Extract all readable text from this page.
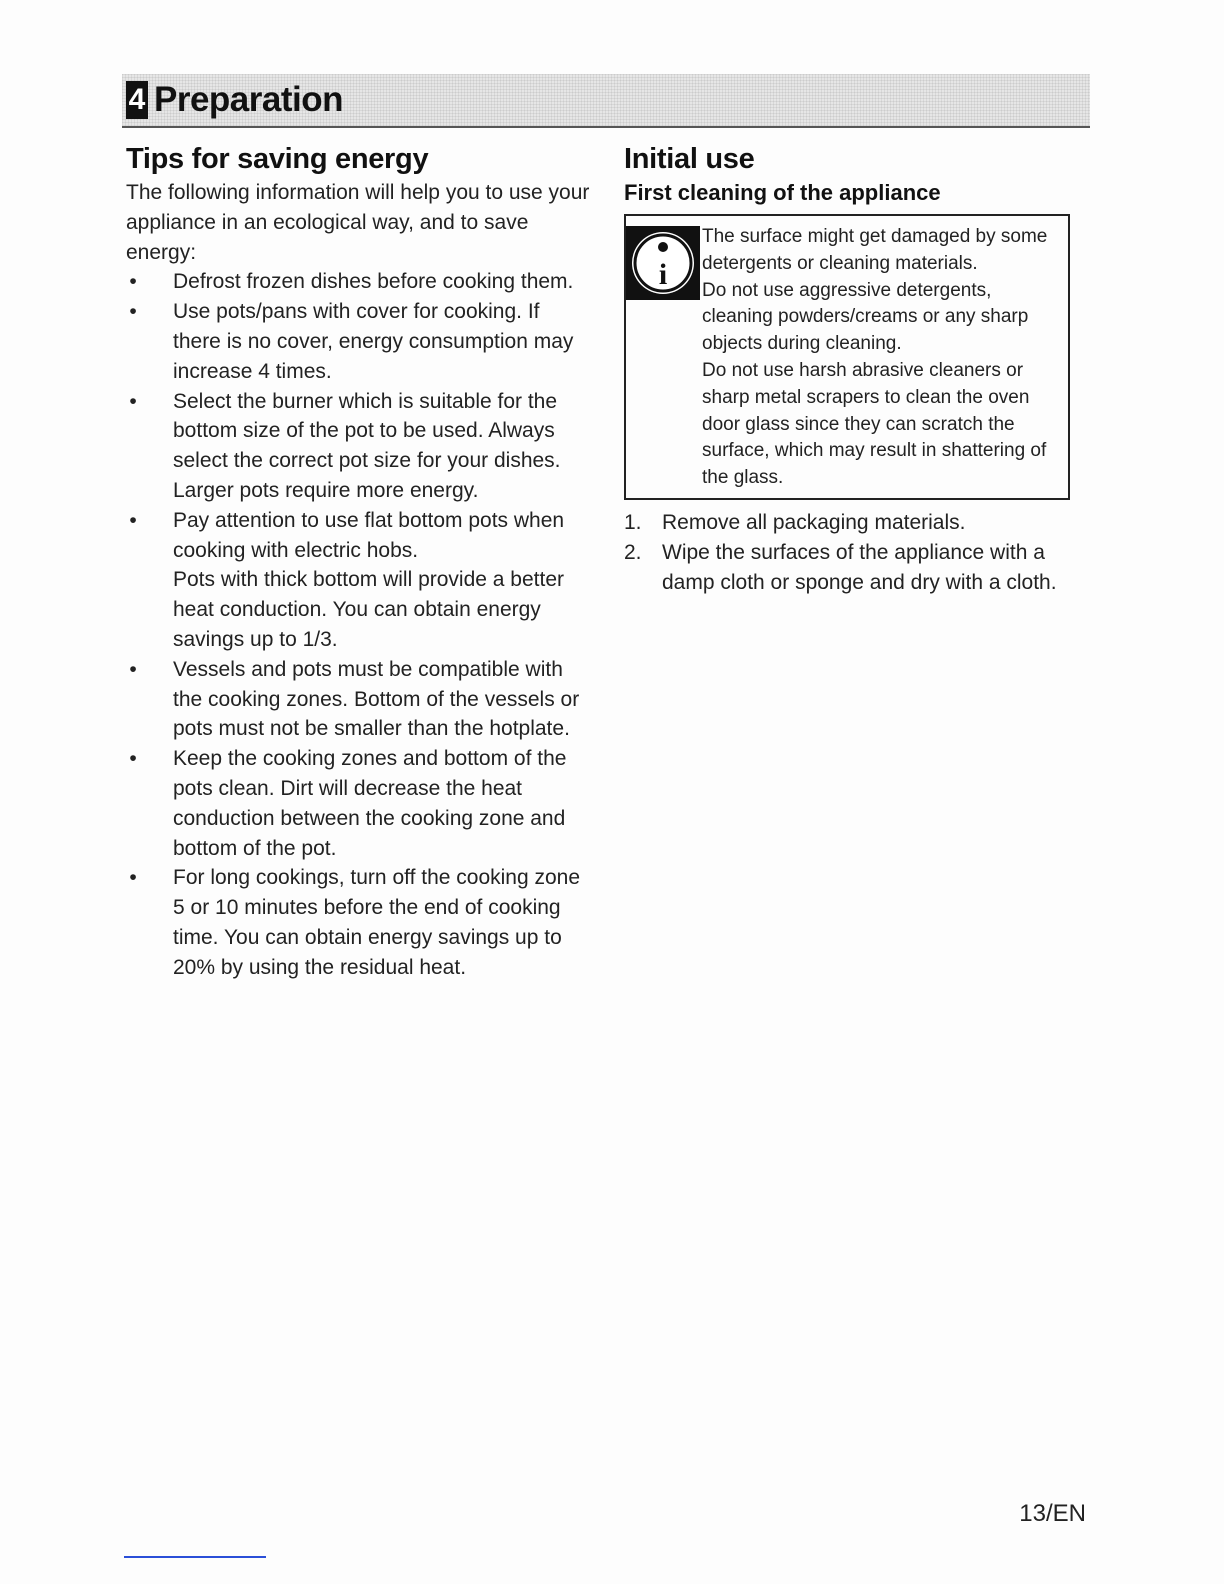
4 Preparation
Tips for saving energy

The following information will help you to use your appliance in an ecological way, and to save energy:

• Defrost frozen dishes before cooking them.
• Use pots/pans with cover for cooking. If there is no cover, energy consumption may increase 4 times.
• Select the burner which is suitable for the bottom size of the pot to be used. Always select the correct pot size for your dishes. Larger pots require more energy.
• Pay attention to use flat bottom pots when cooking with electric hobs.
Pots with thick bottom will provide a better heat conduction. You can obtain energy savings up to 1/3.
• Vessels and pots must be compatible with the cooking zones. Bottom of the vessels or pots must not be smaller than the hotplate.
• Keep the cooking zones and bottom of the pots clean. Dirt will decrease the heat conduction between the cooking zone and bottom of the pot.
• For long cookings, turn off the cooking zone 5 or 10 minutes before the end of cooking time. You can obtain energy savings up to 20% by using the residual heat.
Initial use
First cleaning of the appliance
i

The surface might get damaged by some detergents or cleaning materials.

Do not use aggressive detergents, cleaning powders/creams or any sharp objects during cleaning.

Do not use harsh abrasive cleaners or sharp metal scrapers to clean the oven door glass since they can scratch the surface, which may result in shattering of the glass.

1. Remove all packaging materials.
2. Wipe the surfaces of the appliance with a damp cloth or sponge and dry with a cloth.
13/EN
